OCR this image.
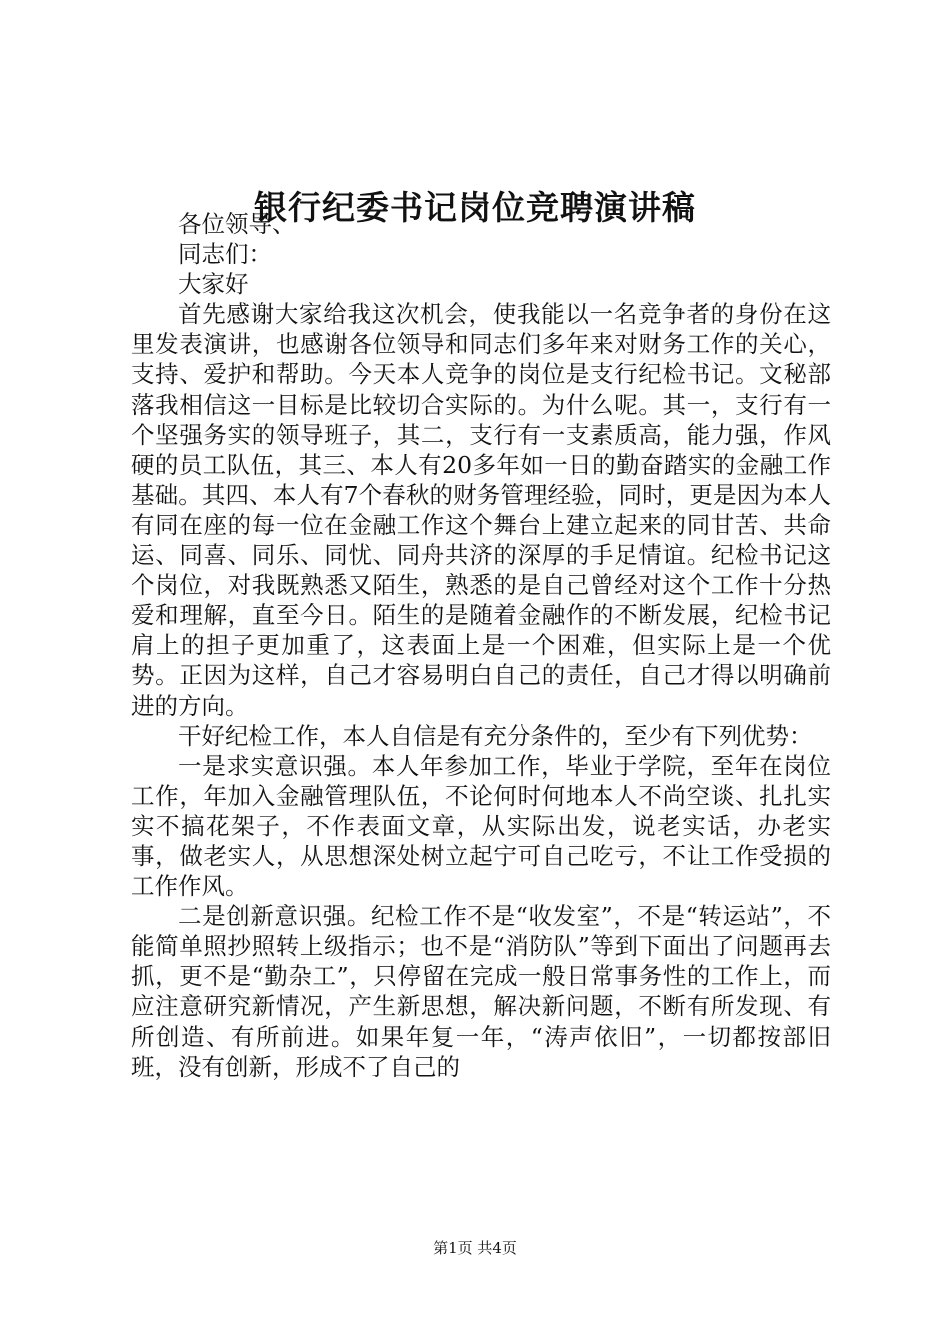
银行纪委书记岗位竞聘演讲稿

各位领导、

同志们：

大家好

首先感谢大家给我这次机会，使我能以一名竞争者的身份在这里发表演讲，也感谢各位领导和同志们多年来对财务工作的关心，支持、爱护和帮助。今天本人竞争的岗位是支行纪检书记。文秘部落我相信这一目标是比较切合实际的。为什么呢。其一，支行有一个坚强务实的领导班子，其二，支行有一支素质高，能力强，作风硬的员工队伍，其三、本人有20多年如一日的勤奋踏实的金融工作基础。其四、本人有7个春秋的财务管理经验，同时，更是因为本人有同在座的每一位在金融工作这个舞台上建立起来的同甘苦、共命运、同喜、同乐、同忧、同舟共济的深厚的手足情谊。纪检书记这个岗位，对我既熟悉又陌生，熟悉的是自己曾经对这个工作十分热爱和理解，直至今日。陌生的是随着金融作的不断发展，纪检书记肩上的担子更加重了，这表面上是一个困难，但实际上是一个优势。正因为这样，自己才容易明白自己的责任，自己才得以明确前进的方向。

干好纪检工作，本人自信是有充分条件的，至少有下列优势：

一是求实意识强。本人年参加工作，毕业于学院，至年在岗位工作，年加入金融管理队伍，不论何时何地本人不尚空谈、扎扎实实不搞花架子，不作表面文章，从实际出发，说老实话，办老实事，做老实人，从思想深处树立起宁可自己吃亏，不让工作受损的工作作风。

二是创新意识强。纪检工作不是“收发室”，不是“转运站”，不能简单照抄照转上级指示；也不是“消防队”等到下面出了问题再去抓，更不是“勤杂工”，只停留在完成一般日常事务性的工作上，而应注意研究新情况，产生新思想，解决新问题，不断有所发现、有所创造、有所前进。如果年复一年，“涛声依旧”，一切都按部旧班，没有创新，形成不了自己的

第1页 共4页
